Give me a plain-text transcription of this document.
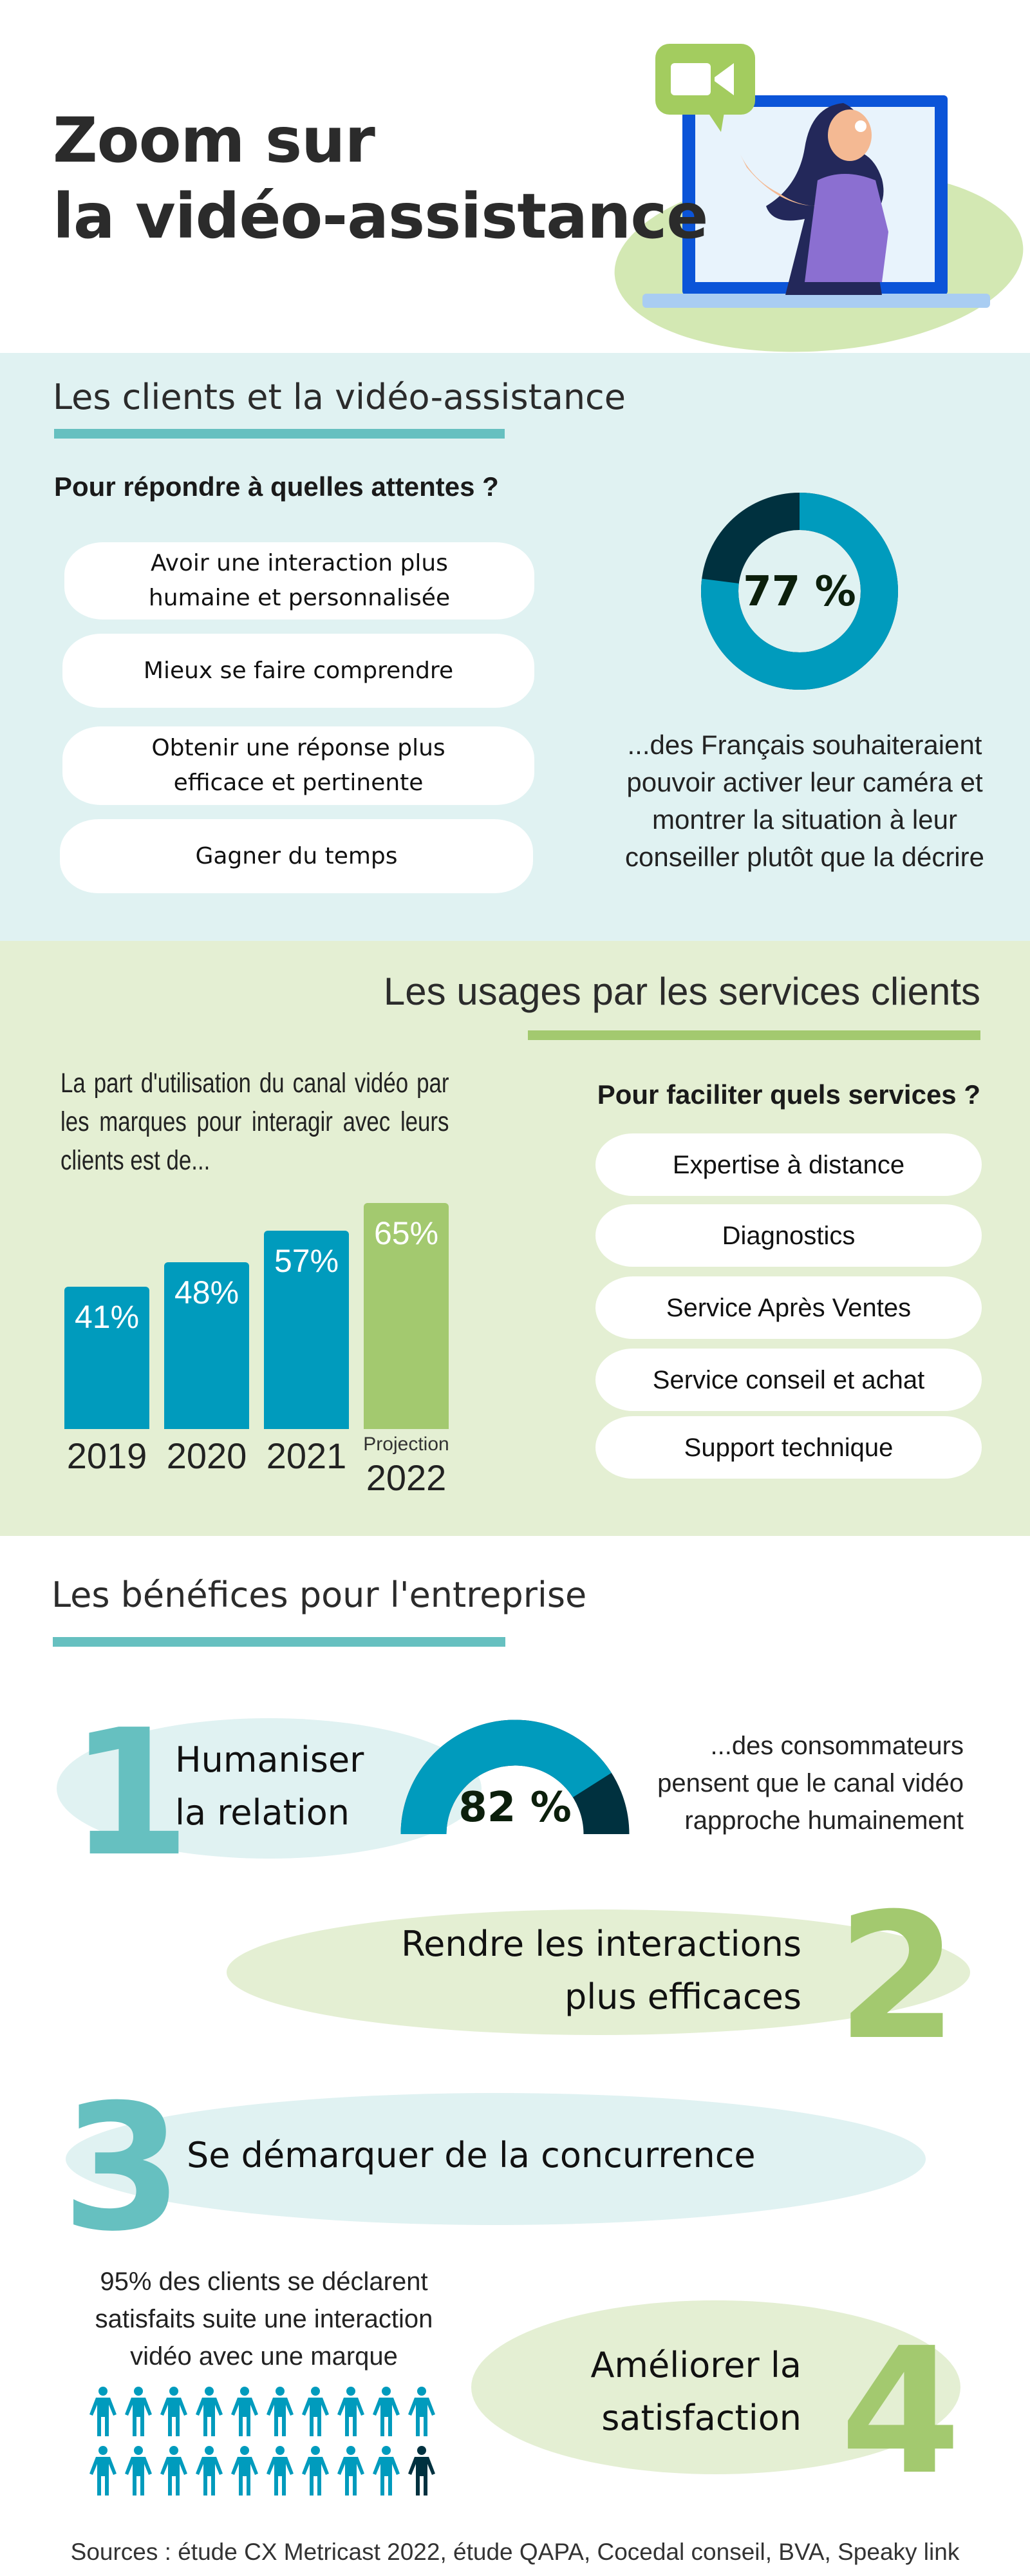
Zoom sur
la vidéo-assistance
Les clients et la vidéo-assistance
Pour répondre à quelles attentes ?
Avoir une interaction plus
humaine et personnalisée
Mieux se faire comprendre
Obtenir une réponse plus
efficace et pertinente
Gagner du temps
77 %
...des Français souhaiteraient
pouvoir activer leur caméra et
montrer la situation à leur
conseiller plutôt que la décrire
Les usages par les services clients
41%
2019
48%
2020
57%
2021
65%
2022
Projection
La part d'utilisation du canal vidéo par les marques pour interagir avec leurs clients est de...
Pour faciliter quels services ?
Expertise à distance
Diagnostics
Service Après Ventes
Service conseil et achat
Support technique
Les bénéfices pour l'entreprise
1
Humaniser
la relation	82 %
...des consommateurs
pensent que le canal vidéo
rapproche humainement
Rendre les interactions
plus efficaces 2
3 Se démarquer de la concurrence
95% des clients se déclarent
satisfaits suite une interaction
vidéo avec une marque	Améliorer la
satisfaction 4
Sources : étude CX Metricast 2022, étude QAPA, Cocedal conseil, BVA, Speaky link
